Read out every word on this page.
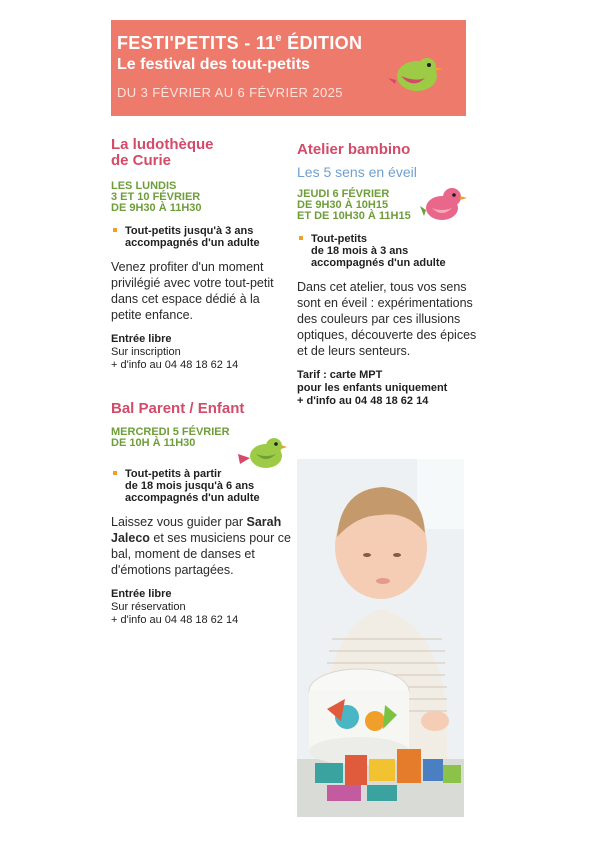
FESTI'PETITS - 11e ÉDITION
Le festival des tout-petits
DU 3 FÉVRIER AU 6 FÉVRIER 2025
La ludothèque
de Curie
LES LUNDIS
3 ET 10 FÉVRIER
DE 9H30 À 11H30
Tout-petits jusqu'à 3 ans
accompagnés d'un adulte
Venez profiter d'un moment privilégié avec votre tout-petit dans cet espace dédié à la petite enfance.
Entrée libre
Sur inscription
+ d'info au 04 48 18 62 14
Bal Parent / Enfant
MERCREDI 5 FÉVRIER
DE 10H À 11H30
Tout-petits à partir
de 18 mois jusqu'à 6 ans
accompagnés d'un adulte
Laissez vous guider par Sarah Jaleco et ses musiciens pour ce bal, moment de danses et d'émotions partagées.
Entrée libre
Sur réservation
+ d'info au 04 48 18 62 14
Atelier bambino
Les 5 sens en éveil
JEUDI 6 FÉVRIER
DE 9H30 À 10H15
ET DE 10H30 À 11H15
Tout-petits
de 18 mois à 3 ans
accompagnés d'un adulte
Dans cet atelier, tous vos sens sont en éveil : expérimentations des couleurs par ces illusions optiques, découverte des épices et de leurs senteurs.
Tarif : carte MPT
pour les enfants uniquement
+ d'info au 04 48 18 62 14
